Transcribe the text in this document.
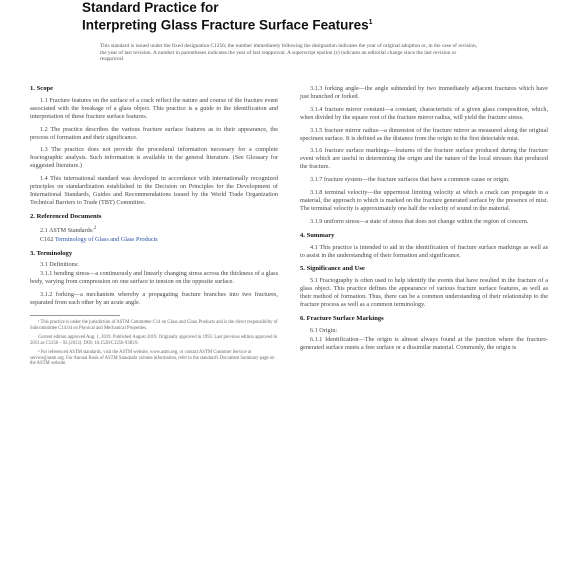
Standard Practice for
Interpreting Glass Fracture Surface Features$^1$
This standard is issued under the fixed designation C1256; the number immediately following the designation indicates the year of original adoption or, in the case of revision, the year of last revision. A number in parentheses indicates the year of last reapproval. A superscript epsilon (ε) indicates an editorial change since the last revision or reapproval.
1. Scope
1.1 Fracture features on the surface of a crack reflect the nature and course of the fracture event associated with the breakage of a glass object. This practice is a guide to the identification and interpretation of these fracture surface features.
1.2 The practice describes the various fracture surface features as to their appearance, the process of formation and their significance.
1.3 The practice does not provide the procedural information necessary for a complete fractographic analysis. Such information is available in the general literature. (See Glossary for suggested literature.)
1.4 This international standard was developed in accordance with internationally recognized principles on standardization established in the Decision on Principles for the Development of International Standards, Guides and Recommendations issued by the World Trade Organization Technical Barriers to Trade (TBT) Committee.
2. Referenced Documents
2.1 ASTM Standards:$^2$
C162 Terminology of Glass and Glass Products
3. Terminology
3.1 Definitions:
3.1.1 bending stress—a continuously and linearly changing stress across the thickness of a glass body, varying from compression on one surface to tension on the opposite surface.
3.1.2 forking—a mechanism whereby a propagating fracture branches into two fractures, separated from each other by an acute angle.
¹ This practice is under the jurisdiction of ASTM Committee C14 on Glass and Glass Products and is the direct responsibility of Subcommittee C14.04 on Physical and Mechanical Properties.
Current edition approved Aug. 1, 2019. Published August 2019. Originally approved in 1993. Last previous edition approved in 2013 as C1256 – 93 (2013). DOI: 10.1520/C1256-93R19.
² For referenced ASTM standards, visit the ASTM website, www.astm.org, or contact ASTM Customer Service at service@astm.org. For Annual Book of ASTM Standards volume information, refer to the standard's Document Summary page on the ASTM website.
3.1.3 forking angle—the angle subtended by two immediately adjacent fractures which have just branched or forked.
3.1.4 fracture mirror constant—a constant, characteristic of a given glass composition, which, when divided by the square root of the fracture mirror radius, will yield the fracture stress.
3.1.5 fracture mirror radius—a dimension of the fracture mirror as measured along the original specimen surface. It is defined as the distance from the origin to the first detectable mist.
3.1.6 fracture surface markings—features of the fracture surface produced during the fracture event which are useful in determining the origin and the nature of the local stresses that produced the fracture.
3.1.7 fracture system—the fracture surfaces that have a common cause or origin.
3.1.8 terminal velocity—the uppermost limiting velocity at which a crack can propagate in a material, the approach to which is marked on the fracture generated surface by the presence of mist. The terminal velocity is approximately one half the velocity of sound in the material.
3.1.9 uniform stress—a state of stress that does not change within the region of concern.
4. Summary
4.1 This practice is intended to aid in the identification of fracture surface markings as well as to assist in the understanding of their formation and significance.
5. Significance and Use
5.1 Fractography is often used to help identify the events that have resulted in the fracture of a glass object. This practice defines the appearance of various fracture surface features, as well as their method of formation. Thus, there can be a common understanding of their relationship to the fracture process as well as a common terminology.
6. Fracture Surface Markings
6.1 Origin:
6.1.1 Identification—The origin is almost always found at the junction where the fracture-generated surface meets a free surface or a dissimilar material. Commonly, the origin is
